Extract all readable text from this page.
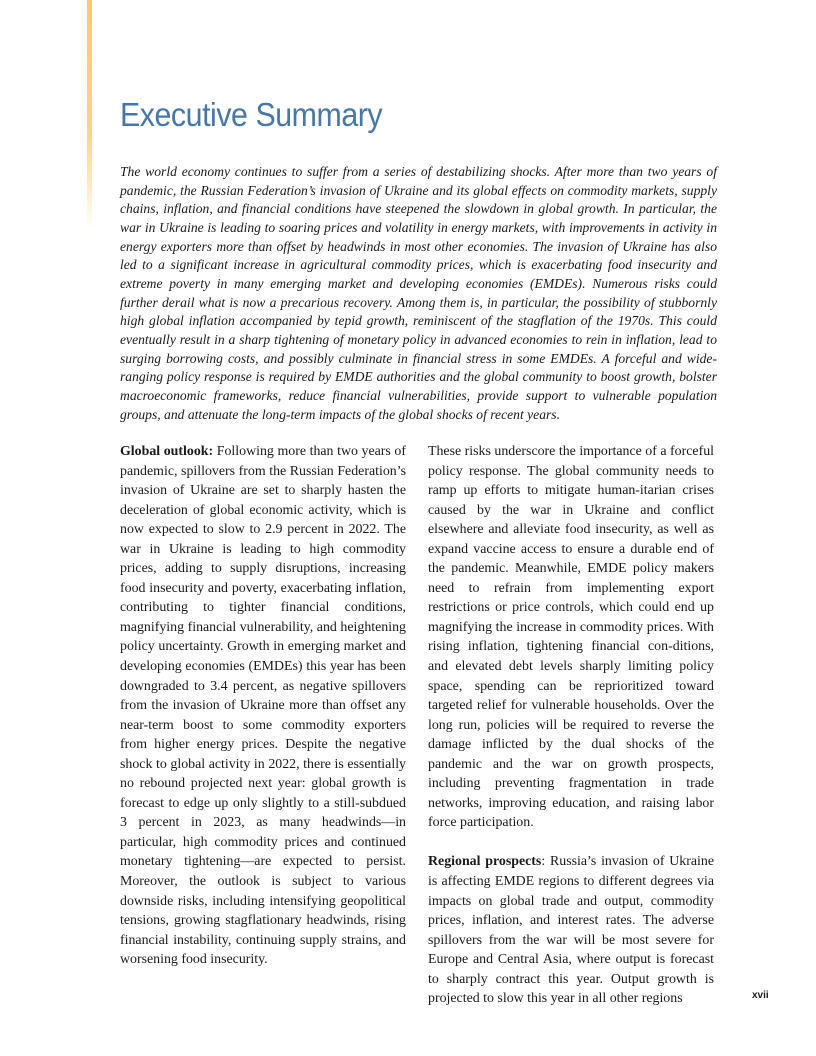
Executive Summary

The world economy continues to suffer from a series of destabilizing shocks. After more than two years of pandemic, the Russian Federation’s invasion of Ukraine and its global effects on commodity markets, supply chains, inflation, and financial conditions have steepened the slowdown in global growth. In particular, the war in Ukraine is leading to soaring prices and volatility in energy markets, with improvements in activity in energy exporters more than offset by headwinds in most other economies. The invasion of Ukraine has also led to a significant increase in agricultural commodity prices, which is exacerbating food insecurity and extreme poverty in many emerging market and developing economies (EMDEs). Numerous risks could further derail what is now a precarious recovery. Among them is, in particular, the possibility of stubbornly high global inflation accompanied by tepid growth, reminiscent of the stagflation of the 1970s. This could eventually result in a sharp tightening of monetary policy in advanced economies to rein in inflation, lead to surging borrowing costs, and possibly culminate in financial stress in some EMDEs. A forceful and wide-ranging policy response is required by EMDE authorities and the global community to boost growth, bolster macroeconomic frameworks, reduce financial vulnerabilities, provide support to vulnerable population groups, and attenuate the long-term impacts of the global shocks of recent years.

Global outlook: Following more than two years of pandemic, spillovers from the Russian Federation’s invasion of Ukraine are set to sharply hasten the deceleration of global economic activity, which is now expected to slow to 2.9 percent in 2022. The war in Ukraine is leading to high commodity prices, adding to supply disruptions, increasing food insecurity and poverty, exacerbating inflation, contributing to tighter financial conditions, magnifying financial vulnerability, and heightening policy uncertainty. Growth in emerging market and developing economies (EMDEs) this year has been downgraded to 3.4 percent, as negative spillovers from the invasion of Ukraine more than offset any near-term boost to some commodity exporters from higher energy prices. Despite the negative shock to global activity in 2022, there is essentially no rebound projected next year: global growth is forecast to edge up only slightly to a still-subdued 3 percent in 2023, as many headwinds—in particular, high commodity prices and continued monetary tightening—are expected to persist. Moreover, the outlook is subject to various downside risks, including intensifying geopolitical tensions, growing stagflationary headwinds, rising financial instability, continuing supply strains, and worsening food insecurity.

These risks underscore the importance of a forceful policy response. The global community needs to ramp up efforts to mitigate human-itarian crises caused by the war in Ukraine and conflict elsewhere and alleviate food insecurity, as well as expand vaccine access to ensure a durable end of the pandemic. Meanwhile, EMDE policy makers need to refrain from implementing export restrictions or price controls, which could end up magnifying the increase in commodity prices. With rising inflation, tightening financial con-ditions, and elevated debt levels sharply limiting policy space, spending can be reprioritized toward targeted relief for vulnerable households. Over the long run, policies will be required to reverse the damage inflicted by the dual shocks of the pandemic and the war on growth prospects, including preventing fragmentation in trade networks, improving education, and raising labor force participation.

Regional prospects: Russia’s invasion of Ukraine is affecting EMDE regions to different degrees via impacts on global trade and output, commodity prices, inflation, and interest rates. The adverse spillovers from the war will be most severe for Europe and Central Asia, where output is forecast to sharply contract this year. Output growth is projected to slow this year in all other regions	xvii
